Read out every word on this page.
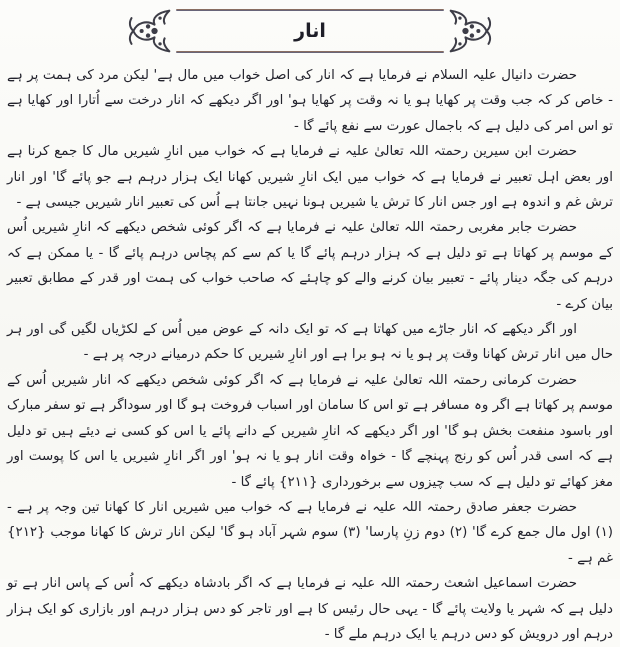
انار

حضرت دانیال علیہ السلام نے فرمایا ہے کہ انار کی اصل خواب میں مال ہے' لیکن مرد کی ہمت پر ہے - خاص کر کہ جب وقت پر کھایا ہو یا نہ وقت پر کھایا ہو' اور اگر دیکھے کہ انار درخت سے اُتارا اور کھایا ہے تو اس امر کی دلیل ہے کہ باجمال عورت سے نفع پائے گا -

حضرت ابن سیرین رحمتہ اللہ تعالیٰ علیہ نے فرمایا ہے کہ خواب میں انارِ شیریں مال کا جمع کرنا ہے اور بعض اہل تعبیر نے فرمایا ہے کہ خواب میں ایک انارِ شیریں کھانا ایک ہزار درہم ہے جو پائے گا' اور انار ترش غم و اندوہ ہے اور جس انار کا ترش یا شیریں ہونا نہیں جانتا ہے اُس کی تعبیر انار شیریں جیسی ہے -

حضرت جابر مغربی رحمتہ اللہ تعالیٰ علیہ نے فرمایا ہے کہ اگر کوئی شخص دیکھے کہ انارِ شیریں اُس کے موسم پر کھاتا ہے تو دلیل ہے کہ ہزار درہم پائے گا یا کم سے کم پچاس درہم پائے گا - یا ممکن ہے کہ درہم کی جگہ دینار پائے - تعبیر بیان کرنے والے کو چاہئے کہ صاحب خواب کی ہمت اور قدر کے مطابق تعبیر بیان کرے -

اور اگر دیکھے کہ انار جاڑے میں کھاتا ہے کہ تو ایک دانہ کے عوض میں اُس کے لکڑیاں لگیں گی اور ہر حال میں انار ترش کھانا وقت پر ہو یا نہ ہو برا ہے اور انارِ شیریں کا حکم درمیانے درجہ پر ہے -

حضرت کرمانی رحمتہ اللہ تعالیٰ علیہ نے فرمایا ہے کہ اگر کوئی شخص دیکھے کہ انار شیریں اُس کے موسم پر کھاتا ہے اگر وہ مسافر ہے تو اس کا سامان اور اسباب فروخت ہو گا اور سوداگر ہے تو سفر مبارک اور باسود منفعت بخش ہو گا' اور اگر دیکھے کہ انارِ شیریں کے دانے پائے یا اس کو کسی نے دیئے ہیں تو دلیل ہے کہ اسی قدر اُس کو رنج پہنچے گا - خواہ وقت انار ہو یا نہ ہو' اور اگر انارِ شیریں یا اس کا پوست اور مغز کھائے تو دلیل ہے کہ سب چیزوں سے برخورداری {۲۱۱} پائے گا -

حضرت جعفر صادق رحمتہ اللہ علیہ نے فرمایا ہے کہ خواب میں شیریں انار کا کھانا تین وجہ پر ہے - (۱) اول مال جمع کرے گا' (۲) دوم زنِ پارسا' (۳) سوم شہر آباد ہو گا' لیکن انار ترش کا کھانا موجب {۲۱۲} غم ہے -

حضرت اسماعیل اشعث رحمتہ اللہ علیہ نے فرمایا ہے کہ اگر بادشاہ دیکھے کہ اُس کے پاس انار ہے تو دلیل ہے کہ شہر یا ولایت پائے گا - یہی حال رئیس کا ہے اور تاجر کو دس ہزار درہم اور بازاری کو ایک ہزار درہم اور درویش کو دس درہم یا ایک درہم ملے گا -
